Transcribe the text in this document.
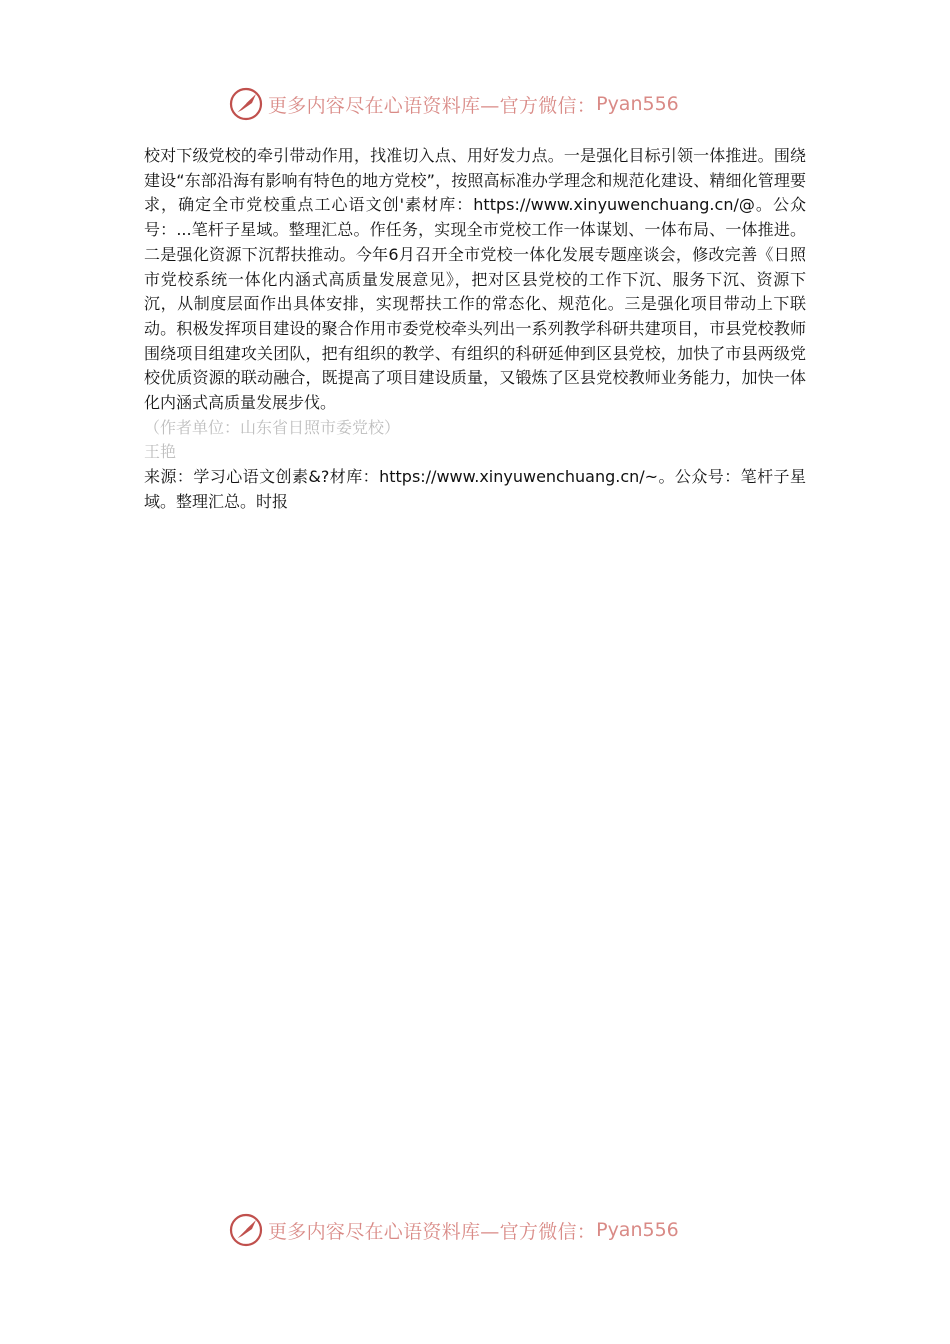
更多内容尽在心语资料库—官方微信： Pyan556

校对下级党校的牵引带动作用，找准切入点、用好发力点。一是强化目标引领一体推进。围绕建设“东部沿海有影响有特色的地方党校”，按照高标准办学理念和规范化建设、精细化管理要求，确定全市党校重点工心语文创'素材库：https://www.xinyuwenchuang.cn/@。公众号：...笔杆子星域。整理汇总。作任务，实现全市党校工作一体谋划、一体布局、一体推进。二是强化资源下沉帮扶推动。今年6月召开全市党校一体化发展专题座谈会，修改完善《日照市党校系统一体化内涵式高质量发展意见》，把对区县党校的工作下沉、服务下沉、资源下沉，从制度层面作出具体安排，实现帮扶工作的常态化、规范化。三是强化项目带动上下联动。积极发挥项目建设的聚合作用市委党校牵头列出一系列教学科研共建项目，市县党校教师围绕项目组建攻关团队，把有组织的教学、有组织的科研延伸到区县党校，加快了市县两级党校优质资源的联动融合，既提高了项目建设质量，又锻炼了区县党校教师业务能力，加快一体化内涵式高质量发展步伐。

（作者单位：山东省日照市委党校）

王艳

来源：学习心语文创素&?材库：https://www.xinyuwenchuang.cn/~。公众号：笔杆子星域。整理汇总。时报

更多内容尽在心语资料库—官方微信： Pyan556
